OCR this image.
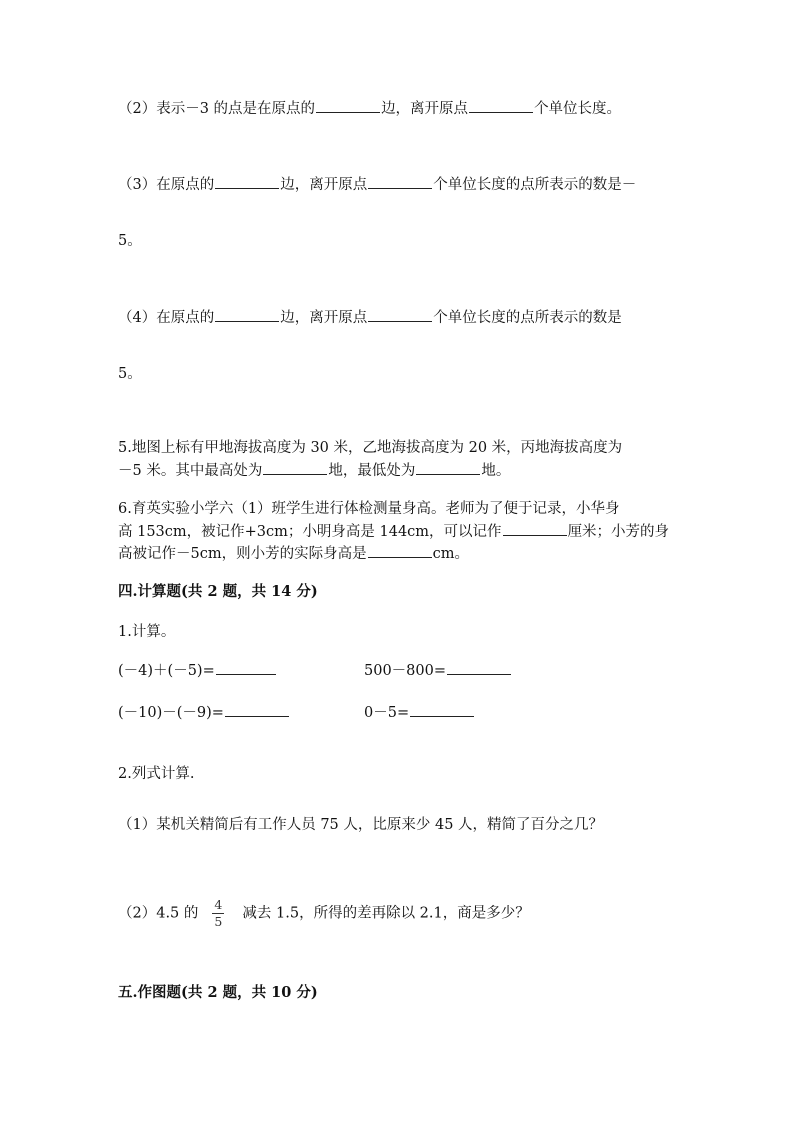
（2）表示－3 的点是在原点的	边，离开原点	个单位长度。
（3）在原点的	边，离开原点	个单位长度的点所表示的数是－
5。
（4）在原点的	边，离开原点	个单位长度的点所表示的数是
5。
5.地图上标有甲地海拔高度为 30 米，乙地海拔高度为 20 米，丙地海拔高度为
－5 米。其中最高处为	地，最低处为	地。
6.育英实验小学六（1）班学生进行体检测量身高。老师为了便于记录，小华身
高 153cm，被记作+3cm；小明身高是 144cm，可以记作	厘米；小芳的身
高被记作－5cm，则小芳的实际身高是	cm。
四.计算题(共 2 题，共 14 分)
1.计算。
(－4)＋(－5)=	500－800=
(－10)－(－9)=	0－5=
2.列式计算.
（1）某机关精简后有工作人员 75 人，比原来少 45 人，精简了百分之几？
（2）4.5 的 $\frac{4}{5}$ 减去 1.5，所得的差再除以 2.1，商是多少？
五.作图题(共 2 题，共 10 分)
